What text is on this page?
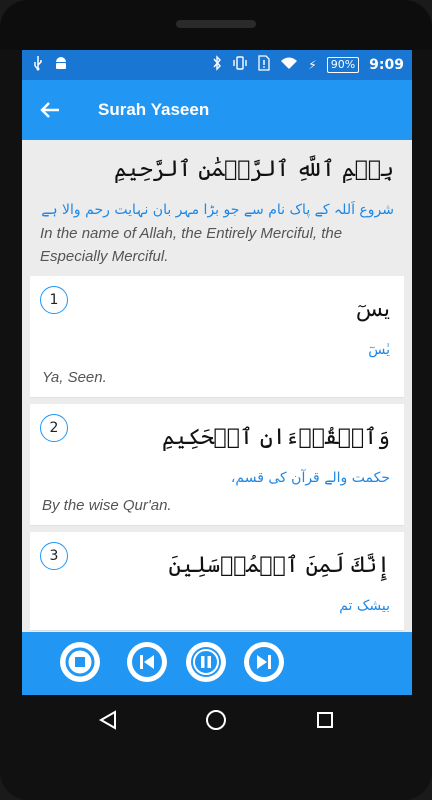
⚡	90% 9:09
Surah Yaseen
بِسۡمِ ٱللَّهِ ٱلرَّحۡمَٰنِ ٱلرَّحِيمِ
شروع اَللہ کے پاک نام سے جو بڑا مہر بان نہایت رحم والا ہے
In the name of Allah, the Entirely Merciful, the Especially Merciful.
1	يسٓ
یٰسٓ
Ya, Seen.
2	وَٱلۡقُرۡءَانِ ٱلۡحَكِيمِ
حکمت والے قرآن کی قسم،
By the wise Qur'an.
3	إِنَّكَ لَمِنَ ٱلۡمُرۡسَلِينَ
بیشک تم
